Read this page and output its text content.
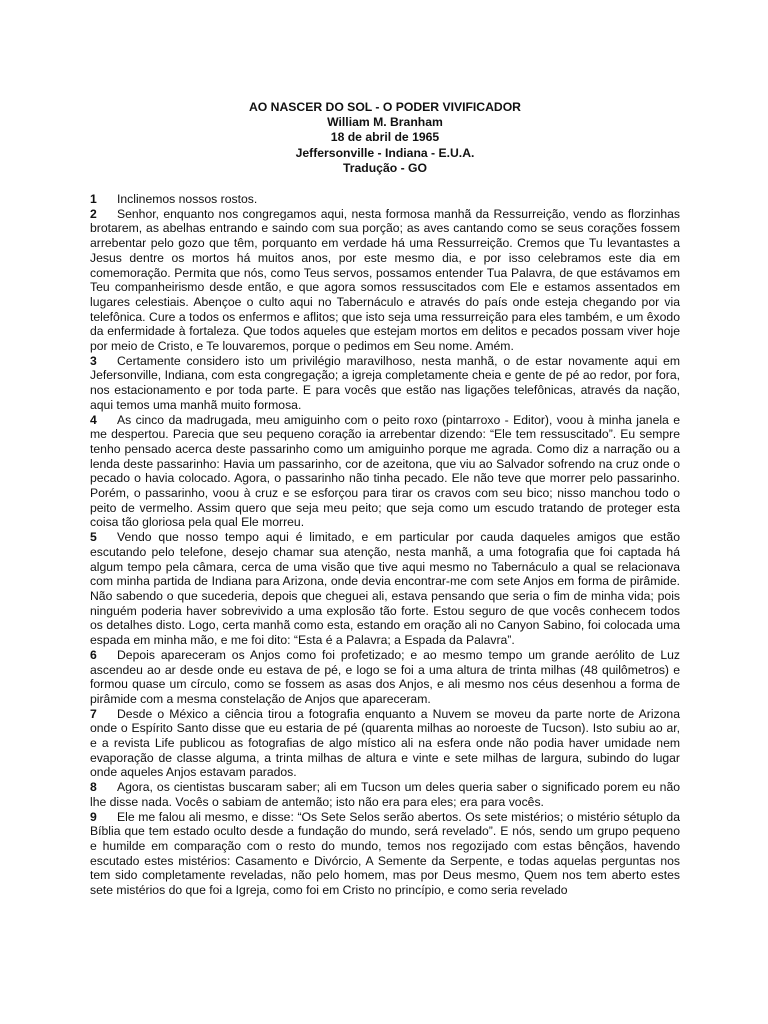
AO NASCER DO SOL - O PODER VIVIFICADOR
William M. Branham
18 de abril de 1965
Jeffersonville - Indiana - E.U.A.
Tradução - GO

1 Inclinemos nossos rostos.

2 Senhor, enquanto nos congregamos aqui, nesta formosa manhã da Ressurreição, vendo as florzinhas brotarem, as abelhas entrando e saindo com sua porção; as aves cantando como se seus corações fossem arrebentar pelo gozo que têm, porquanto em verdade há uma Ressurreição. Cremos que Tu levantastes a Jesus dentre os mortos há muitos anos, por este mesmo dia, e por isso celebramos este dia em comemoração. Permita que nós, como Teus servos, possamos entender Tua Palavra, de que estávamos em Teu companheirismo desde então, e que agora somos ressuscitados com Ele e estamos assentados em lugares celestiais. Abençoe o culto aqui no Tabernáculo e através do país onde esteja chegando por via telefônica. Cure a todos os enfermos e aflitos; que isto seja uma ressurreição para eles também, e um êxodo da enfermidade à fortaleza. Que todos aqueles que estejam mortos em delitos e pecados possam viver hoje por meio de Cristo, e Te louvaremos, porque o pedimos em Seu nome. Amém.

3 Certamente considero isto um privilégio maravilhoso, nesta manhã, o de estar novamente aqui em Jefersonville, Indiana, com esta congregação; a igreja completamente cheia e gente de pé ao redor, por fora, nos estacionamento e por toda parte. E para vocês que estão nas ligações telefônicas, através da nação, aqui temos uma manhã muito formosa.

4 As cinco da madrugada, meu amiguinho com o peito roxo (pintarroxo - Editor), voou à minha janela e me despertou. Parecia que seu pequeno coração ia arrebentar dizendo: “Ele tem ressuscitado”. Eu sempre tenho pensado acerca deste passarinho como um amiguinho porque me agrada. Como diz a narração ou a lenda deste passarinho: Havia um passarinho, cor de azeitona, que viu ao Salvador sofrendo na cruz onde o pecado o havia colocado. Agora, o passarinho não tinha pecado. Ele não teve que morrer pelo passarinho. Porém, o passarinho, voou à cruz e se esforçou para tirar os cravos com seu bico; nisso manchou todo o peito de vermelho. Assim quero que seja meu peito; que seja como um escudo tratando de proteger esta coisa tão gloriosa pela qual Ele morreu.

5 Vendo que nosso tempo aqui é limitado, e em particular por cauda daqueles amigos que estão escutando pelo telefone, desejo chamar sua atenção, nesta manhã, a uma fotografia que foi captada há algum tempo pela câmara, cerca de uma visão que tive aqui mesmo no Tabernáculo a qual se relacionava com minha partida de Indiana para Arizona, onde devia encontrar-me com sete Anjos em forma de pirâmide. Não sabendo o que sucederia, depois que cheguei ali, estava pensando que seria o fim de minha vida; pois ninguém poderia haver sobrevivido a uma explosão tão forte. Estou seguro de que vocês conhecem todos os detalhes disto. Logo, certa manhã como esta, estando em oração ali no Canyon Sabino, foi colocada uma espada em minha mão, e me foi dito: “Esta é a Palavra; a Espada da Palavra”.

6 Depois apareceram os Anjos como foi profetizado; e ao mesmo tempo um grande aerólito de Luz ascendeu ao ar desde onde eu estava de pé, e logo se foi a uma altura de trinta milhas (48 quilômetros) e formou quase um círculo, como se fossem as asas dos Anjos, e ali mesmo nos céus desenhou a forma de pirâmide com a mesma constelação de Anjos que apareceram.

7 Desde o México a ciência tirou a fotografia enquanto a Nuvem se moveu da parte norte de Arizona onde o Espírito Santo disse que eu estaria de pé (quarenta milhas ao noroeste de Tucson). Isto subiu ao ar, e a revista Life publicou as fotografias de algo místico ali na esfera onde não podia haver umidade nem evaporação de classe alguma, a trinta milhas de altura e vinte e sete milhas de largura, subindo do lugar onde aqueles Anjos estavam parados.

8 Agora, os cientistas buscaram saber; ali em Tucson um deles queria saber o significado porem eu não lhe disse nada. Vocês o sabiam de antemão; isto não era para eles; era para vocês.

9 Ele me falou ali mesmo, e disse: “Os Sete Selos serão abertos. Os sete mistérios; o mistério sétuplo da Bíblia que tem estado oculto desde a fundação do mundo, será revelado”. E nós, sendo um grupo pequeno e humilde em comparação com o resto do mundo, temos nos regozijado com estas bênçãos, havendo escutado estes mistérios: Casamento e Divórcio, A Semente da Serpente, e todas aquelas perguntas nos tem sido completamente reveladas, não pelo homem, mas por Deus mesmo, Quem nos tem aberto estes sete mistérios do que foi a Igreja, como foi em Cristo no princípio, e como seria revelado
